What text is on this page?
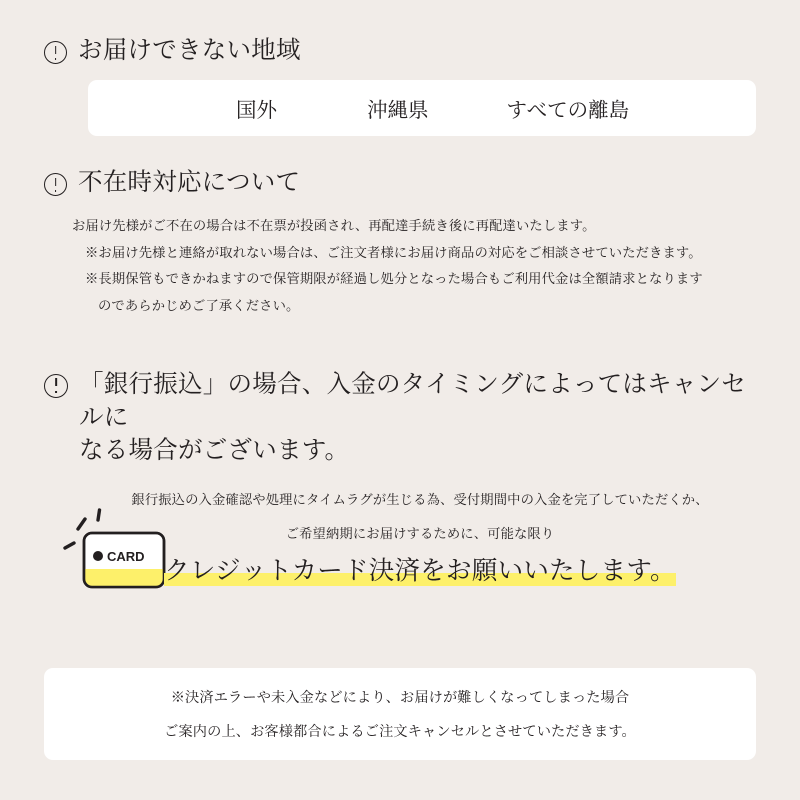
お届けできない地域
国外	沖縄県	すべての離島
不在時対応について
お届け先様がご不在の場合は不在票が投函され、再配達手続き後に再配達いたします。
※お届け先様と連絡が取れない場合は、ご注文者様にお届け商品の対応をご相談させていただきます。
※長期保管もできかねますので保管期限が経過し処分となった場合もご利用代金は全額請求となります
のであらかじめご了承ください。
「銀行振込」の場合、入金のタイミングによってはキャンセルに
なる場合がございます。
CARD
銀行振込の入金確認や処理にタイムラグが生じる為、受付期間中の入金を完了していただくか、
ご希望納期にお届けするために、可能な限り
クレジットカード決済をお願いいたします。
※決済エラーや未入金などにより、お届けが難しくなってしまった場合
ご案内の上、お客様都合によるご注文キャンセルとさせていただきます。
